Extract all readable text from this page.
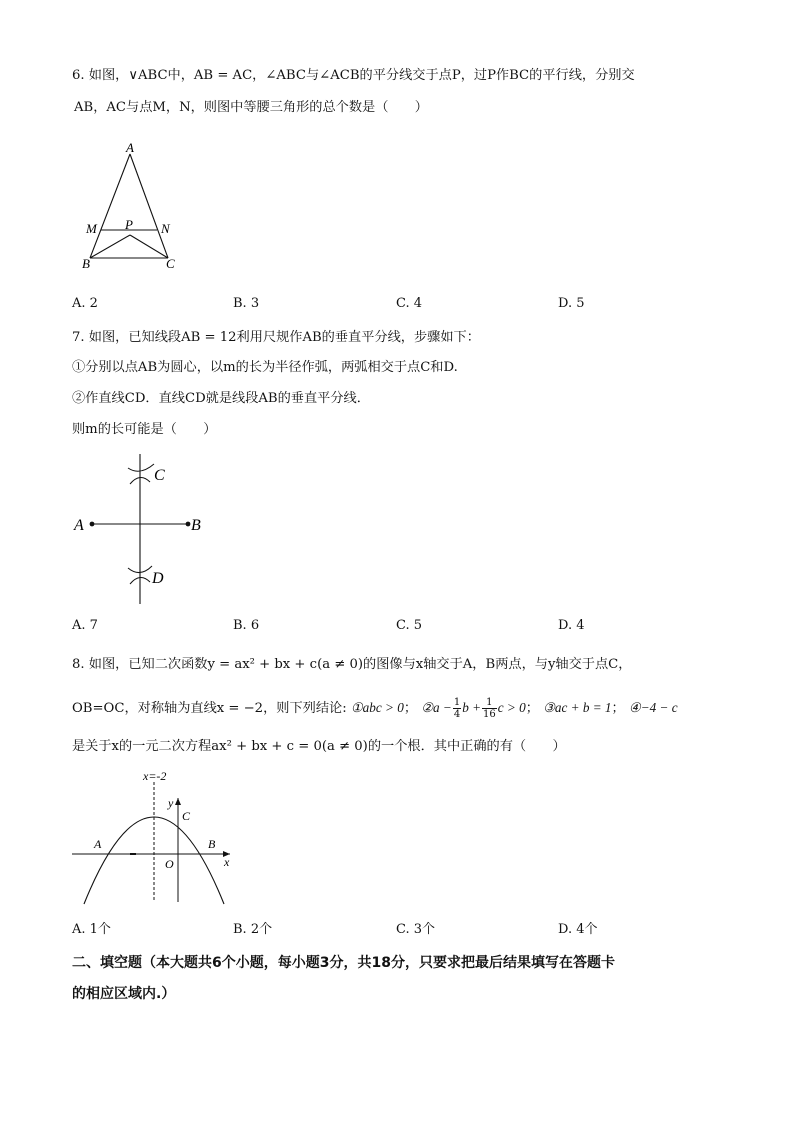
6. 如图，∨ABC中，AB = AC，∠ABC与∠ACB的平分线交于点P，过P作BC的平行线，分别交
AB，AC与点M，N，则图中等腰三角形的总个数是（　　）
A
M P N
B	C
A. 2	B. 3	C. 4	D. 5
7. 如图，已知线段AB = 12利用尺规作AB的垂直平分线，步骤如下：
①分别以点AB为圆心，以m的长为半径作弧，两弧相交于点C和D.
②作直线CD．直线CD就是线段AB的垂直平分线．
则m的长可能是（　　）
C
A	B
D
A. 7	B. 6	C. 5	D. 4
8. 如图，已知二次函数y = ax² + bx + c(a ≠ 0)的图像与x轴交于A，B两点，与y轴交于点C，
OB=OC，对称轴为直线x = −2，则下列结论: ①abc > 0； ②a − $\frac{1}{4}$ $b + \frac{1}{16}$ c > 0； ③ac + b = 1； ④−4 − c
是关于x的一元二次方程ax² + bx + c = 0(a ≠ 0)的一个根．其中正确的有（　　）
x=-2
y
C
A	B
O	x
A. 1个	B. 2个	C. 3个	D. 4个
二、填空题（本大题共6个小题，每小题3分，共18分，只要求把最后结果填写在答题卡
的相应区域内.）
